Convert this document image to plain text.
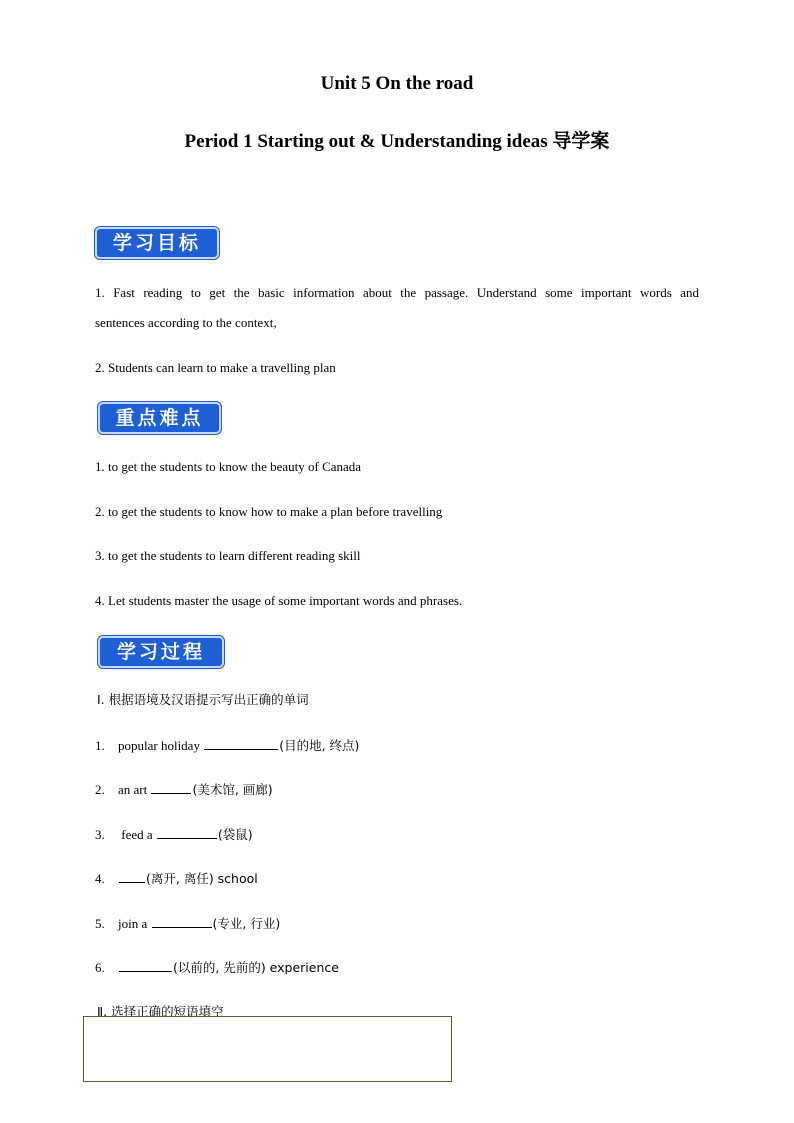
Unit 5 On the road
Period 1 Starting out & Understanding ideas 导学案
学习目标
1. Fast reading to get the basic information about the passage. Understand some important words and
sentences according to the context,
2. Students can learn to make a travelling plan
重点难点
1. to get the students to know the beauty of Canada
2. to get the students to know how to make a plan before travelling
3. to get the students to learn different reading skill
4. Let students master the usage of some important words and phrases.
学习过程
Ⅰ. 根据语境及汉语提示写出正确的单词
1. popular holiday	(目的地, 终点)
2. an art	(美术馆, 画廊)
3. feed a	(袋鼠)
4.	(离开, 离任) school
5. join a	(专业, 行业)
6.	(以前的, 先前的) experience
Ⅱ. 选择正确的短语填空
